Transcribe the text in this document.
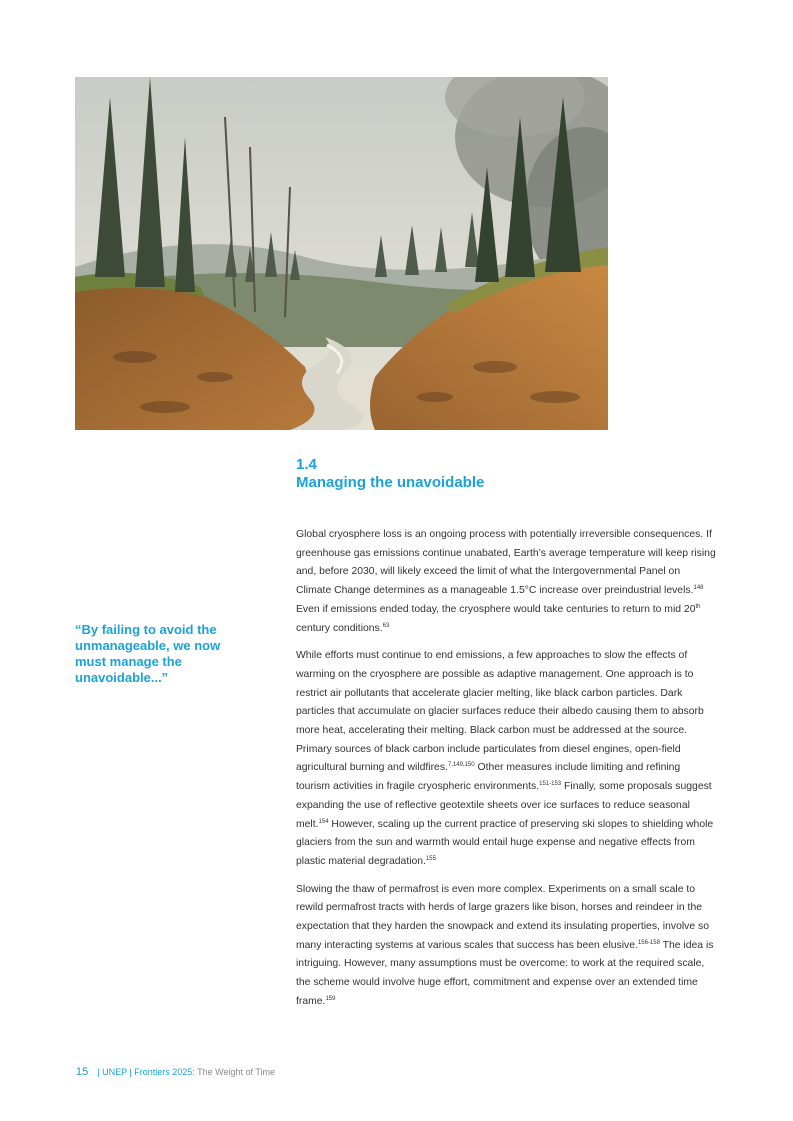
1.4
Managing the unavoidable
“By failing to avoid the unmanageable, we now must manage the unavoidable...”

Global cryosphere loss is an ongoing process with potentially irreversible consequences. If greenhouse gas emissions continue unabated, Earth’s average temperature will keep rising and, before 2030, will likely exceed the limit of what the Intergovernmental Panel on Climate Change determines as a manageable 1.5°C increase over preindustrial levels.$^{148}$ Even if emissions ended today, the cryosphere would take centuries to return to mid 20th century conditions.$^{63}$

While efforts must continue to end emissions, a few approaches to slow the effects of warming on the cryosphere are possible as adaptive management. One approach is to restrict air pollutants that accelerate glacier melting, like black carbon particles. Dark particles that accumulate on glacier surfaces reduce their albedo causing them to absorb more heat, accelerating their melting. Black carbon must be addressed at the source. Primary sources of black carbon include particulates from diesel engines, open-field agricultural burning and wildfires.$^{7,149,150}$ Other measures include limiting and refining tourism activities in fragile cryospheric environments.$^{151-153}$ Finally, some proposals suggest expanding the use of reflective geotextile sheets over ice surfaces to reduce seasonal melt.$^{154}$ However, scaling up the current practice of preserving ski slopes to shielding whole glaciers from the sun and warmth would entail huge expense and negative effects from plastic material degradation.$^{155}$

Slowing the thaw of permafrost is even more complex. Experiments on a small scale to rewild permafrost tracts with herds of large grazers like bison, horses and reindeer in the expectation that they harden the snowpack and extend its insulating properties, involve so many interacting systems at various scales that success has been elusive.$^{156-158}$ The idea is intriguing. However, many assumptions must be overcome: to work at the required scale, the scheme would involve huge effort, commitment and expense over an extended time frame.$^{159}$

15 | UNEP | Frontiers 2025: The Weight of Time
